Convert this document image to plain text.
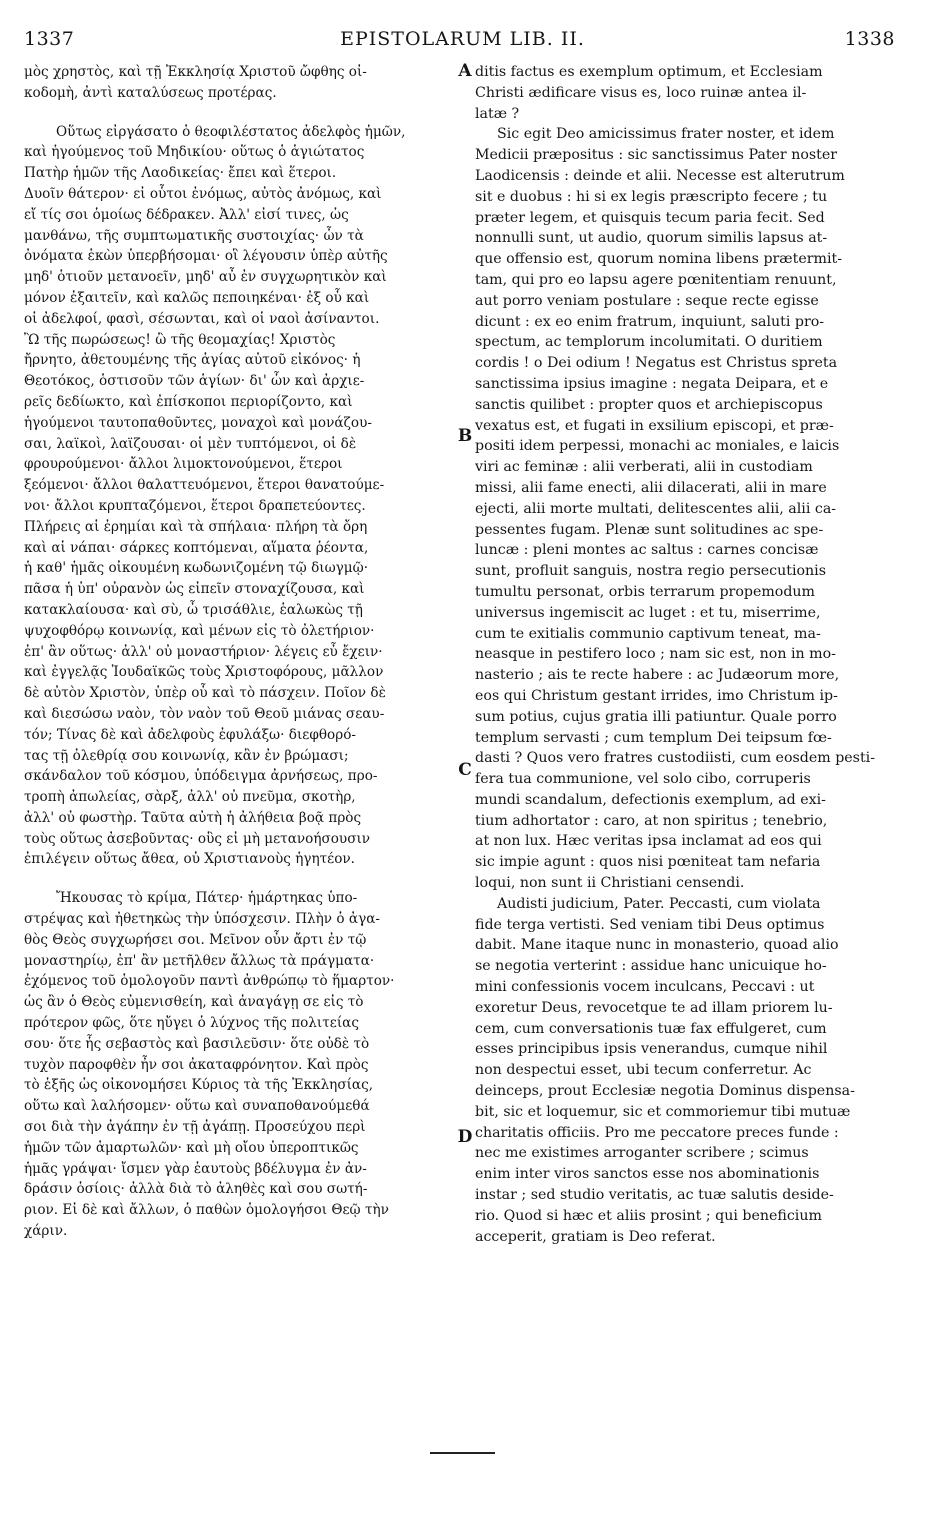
1337	EPISTOLARUM LIB. II.	1338
A
B
C
D
μὸς χρηστὸς, καὶ τῇ Ἐκκλησίᾳ Χριστοῦ ὤφθης οἰ-
κοδομὴ, ἀντὶ καταλύσεως προτέρας.
Οὕτως εἰργάσατο ὁ θεοφιλέστατος ἀδελφὸς ἡμῶν,
καὶ ἡγούμενος τοῦ Μηδικίου· οὕτως ὁ ἁγιώτατος
Πατὴρ ἡμῶν τῆς Λαοδικείας· ἔπει καὶ ἕτεροι.
Δυοῖν θάτερον· εἰ οὗτοι ἐνόμως, αὐτὸς ἀνόμως, καὶ
εἴ τίς σοι ὁμοίως δέδρακεν. Ἀλλ' εἰσί τινες, ὡς
μανθάνω, τῆς συμπτωματικῆς συστοιχίας· ὧν τὰ
ὀνόματα ἑκὼν ὑπερβήσομαι· οἳ λέγουσιν ὑπὲρ αὐτῆς
μηδ' ὁτιοῦν μετανοεῖν, μηδ' αὖ ἐν συγχωρητικὸν καὶ
μόνον ἐξαιτεῖν, καὶ καλῶς πεποιηκέναι· ἐξ οὗ καὶ
οἱ ἀδελφοί, φασὶ, σέσωνται, καὶ οἱ ναοὶ ἀσίναντοι.
Ὢ τῆς πωρώσεως! ὢ τῆς θεομαχίας! Χριστὸς
ἤρνητο, ἀθετουμένης τῆς ἁγίας αὐτοῦ εἰκόνος· ἡ
Θεοτόκος, ὁστισοῦν τῶν ἁγίων· δι' ὧν καὶ ἀρχιε-
ρεῖς δεδίωκτο, καὶ ἐπίσκοποι περιορίζοντο, καὶ
ἡγούμενοι ταυτοπαθοῦντες, μοναχοὶ καὶ μονάζου-
σαι, λαϊκοὶ, λαϊζουσαι· οἱ μὲν τυπτόμενοι, οἱ δὲ
φρουρούμενοι· ἄλλοι λιμοκτονούμενοι, ἕτεροι
ξεόμενοι· ἄλλοι θαλαττευόμενοι, ἕτεροι θανατούμε-
νοι· ἄλλοι κρυπταζόμενοι, ἕτεροι δραπετεύοντες.
Πλήρεις αἱ ἐρημίαι καὶ τὰ σπήλαια· πλήρη τὰ ὄρη
καὶ αἱ νάπαι· σάρκες κοπτόμεναι, αἵματα ῥέοντα,
ἡ καθ' ἡμᾶς οἰκουμένη κωδωνιζομένη τῷ διωγμῷ·
πᾶσα ἡ ὑπ' οὐρανὸν ὡς εἰπεῖν στοναχίζουσα, καὶ
κατακλαίουσα· καὶ σὺ, ὦ τρισάθλιε, ἑαλωκὼς τῇ
ψυχοφθόρῳ κοινωνίᾳ, καὶ μένων εἰς τὸ ὀλετήριον·
ἐπ' ἂν οὕτως· ἀλλ' οὐ μοναστήριον· λέγεις εὖ ἔχειν·
καὶ ἐγγελᾷς Ἰουδαϊκῶς τοὺς Χριστοφόρους, μᾶλλον
δὲ αὐτὸν Χριστὸν, ὑπὲρ οὗ καὶ τὸ πάσχειν. Ποῖον δὲ
καὶ διεσώσω ναὸν, τὸν ναὸν τοῦ Θεοῦ μιάνας σεαυ-
τόν; Τίνας δὲ καὶ ἀδελφοὺς ἐφυλάξω· διεφθορό-
τας τῇ ὀλεθρίᾳ σου κοινωνίᾳ, κἂν ἐν βρώμασι;
σκάνδαλον τοῦ κόσμου, ὑπόδειγμα ἀρνήσεως, προ-
τροπὴ ἀπωλείας, σὰρξ, ἀλλ' οὐ πνεῦμα, σκοτὴρ,
ἀλλ' οὐ φωστὴρ. Ταῦτα αὐτὴ ἡ ἀλήθεια βοᾷ πρὸς
τοὺς οὕτως ἀσεβοῦντας· οὓς εἰ μὴ μετανοήσουσιν
ἐπιλέγειν οὕτως ἄθεα, οὐ Χριστιανοὺς ἡγητέον.
Ἤκουσας τὸ κρίμα, Πάτερ· ἡμάρτηκας ὑπο-
στρέψας καὶ ἠθετηκὼς τὴν ὑπόσχεσιν. Πλὴν ὁ ἀγα-
θὸς Θεὸς συγχωρήσει σοι. Μεῖνον οὖν ἄρτι ἐν τῷ
μοναστηρίῳ, ἐπ' ἂν μετῆλθεν ἄλλως τὰ πράγματα·
ἐχόμενος τοῦ ὁμολογοῦν παντὶ ἀνθρώπῳ τὸ ἥμαρτον·
ὡς ἂν ὁ Θεὸς εὐμενισθείη, καὶ ἀναγάγῃ σε εἰς τὸ
πρότερον φῶς, ὅτε ηὔγει ὁ λύχνος τῆς πολιτείας
σου· ὅτε ἧς σεβαστὸς καὶ βασιλεῦσιν· ὅτε οὐδὲ τὸ
τυχὸν παροφθὲν ἦν σοι ἀκαταφρόνητον. Καὶ πρὸς
τὸ ἑξῆς ὡς οἰκονομήσει Κύριος τὰ τῆς Ἐκκλησίας,
οὕτω καὶ λαλήσομεν· οὕτω καὶ συναποθανούμεθά
σοι διὰ τὴν ἀγάπην ἐν τῇ ἀγάπῃ. Προσεύχου περὶ
ἡμῶν τῶν ἁμαρτωλῶν· καὶ μὴ οἴου ὑπεροπτικῶς
ἡμᾶς γράψαι· ἴσμεν γὰρ ἑαυτοὺς βδέλυγμα ἐν ἀν-
δράσιν ὁσίοις· ἀλλὰ διὰ τὸ ἀληθὲς καὶ σου σωτή-
ριον. Εἰ δὲ καὶ ἄλλων, ὁ παθὼν ὁμολογήσοι Θεῷ τὴν
χάριν.
ditis factus es exemplum optimum, et Ecclesiam
Christi ædificare visus es, loco ruinæ antea il-
latæ ?
Sic egit Deo amicissimus frater noster, et idem
Medicii præpositus : sic sanctissimus Pater noster
Laodicensis : deinde et alii. Necesse est alterutrum
sit e duobus : hi si ex legis præscripto fecere ; tu
præter legem, et quisquis tecum paria fecit. Sed
nonnulli sunt, ut audio, quorum similis lapsus at-
que offensio est, quorum nomina libens prætermit-
tam, qui pro eo lapsu agere pœnitentiam renuunt,
aut porro veniam postulare : seque recte egisse
dicunt : ex eo enim fratrum, inquiunt, saluti pro-
spectum, ac templorum incolumitati. O duritiem
cordis ! o Dei odium ! Negatus est Christus spreta
sanctissima ipsius imagine : negata Deipara, et e
sanctis quilibet : propter quos et archiepiscopus
vexatus est, et fugati in exsilium episcopi, et præ-
positi idem perpessi, monachi ac moniales, e laicis
viri ac feminæ : alii verberati, alii in custodiam
missi, alii fame enecti, alii dilacerati, alii in mare
ejecti, alii morte multati, delitescentes alii, alii ca-
pessentes fugam. Plenæ sunt solitudines ac spe-
luncæ : pleni montes ac saltus : carnes concisæ
sunt, profluit sanguis, nostra regio persecutionis
tumultu personat, orbis terrarum propemodum
universus ingemiscit ac luget : et tu, miserrime,
cum te exitialis communio captivum teneat, ma-
neasque in pestifero loco ; nam sic est, non in mo-
nasterio ; ais te recte habere : ac Judæorum more,
eos qui Christum gestant irrides, imo Christum ip-
sum potius, cujus gratia illi patiuntur. Quale porro
templum servasti ; cum templum Dei teipsum fœ-
dasti ? Quos vero fratres custodiisti, cum eosdem pesti-
fera tua communione, vel solo cibo, corruperis
mundi scandalum, defectionis exemplum, ad exi-
tium adhortator : caro, at non spiritus ; tenebrio,
at non lux. Hæc veritas ipsa inclamat ad eos qui
sic impie agunt : quos nisi pœniteat tam nefaria
loqui, non sunt ii Christiani censendi.
Audisti judicium, Pater. Peccasti, cum violata
fide terga vertisti. Sed veniam tibi Deus optimus
dabit. Mane itaque nunc in monasterio, quoad alio
se negotia verterint : assidue hanc unicuique ho-
mini confessionis vocem inculcans, Peccavi : ut
exoretur Deus, revocetque te ad illam priorem lu-
cem, cum conversationis tuæ fax effulgeret, cum
esses principibus ipsis venerandus, cumque nihil
non despectui esset, ubi tecum conferretur. Ac
deinceps, prout Ecclesiæ negotia Dominus dispensa-
bit, sic et loquemur, sic et commoriemur tibi mutuæ
charitatis officiis. Pro me peccatore preces funde :
nec me existimes arroganter scribere ; scimus
enim inter viros sanctos esse nos abominationis
instar ; sed studio veritatis, ac tuæ salutis deside-
rio. Quod si hæc et aliis prosint ; qui beneficium
acceperit, gratiam is Deo referat.
